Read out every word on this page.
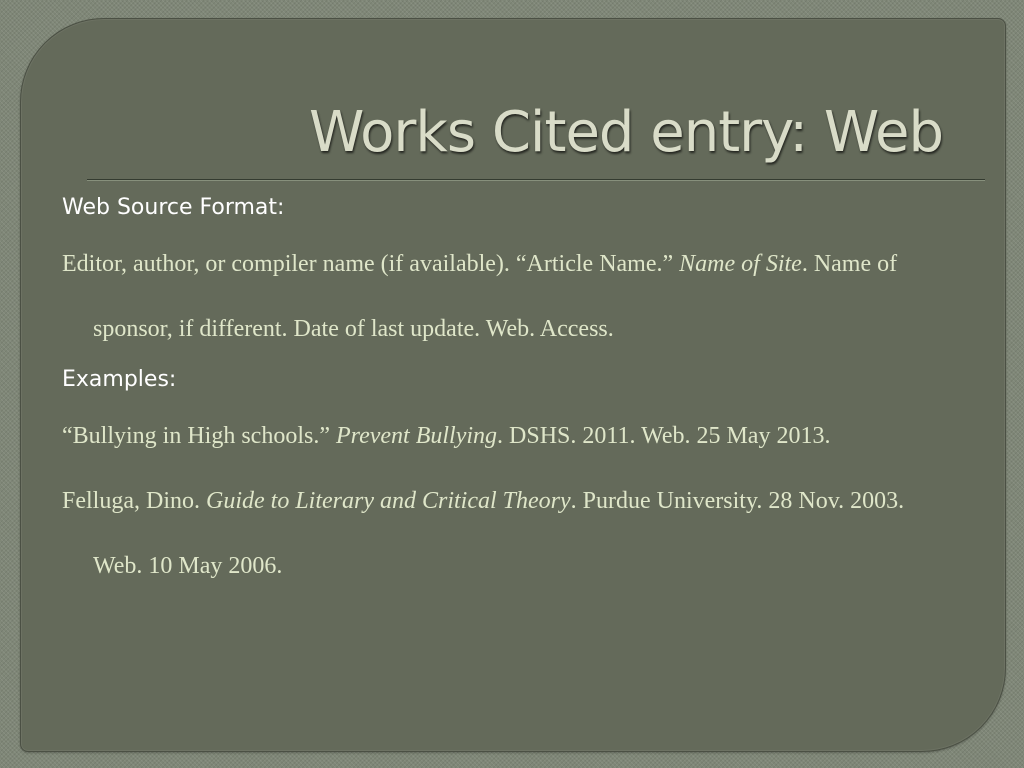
Works Cited entry: Web

Web Source Format:

Editor, author, or compiler name (if available). “Article Name.” Name of Site. Name of sponsor, if different. Date of last update. Web. Access.

Examples:

“Bullying in High schools.” Prevent Bullying. DSHS. 2011. Web. 25 May 2013.

Felluga, Dino. Guide to Literary and Critical Theory. Purdue University. 28 Nov. 2003. Web. 10 May 2006.
